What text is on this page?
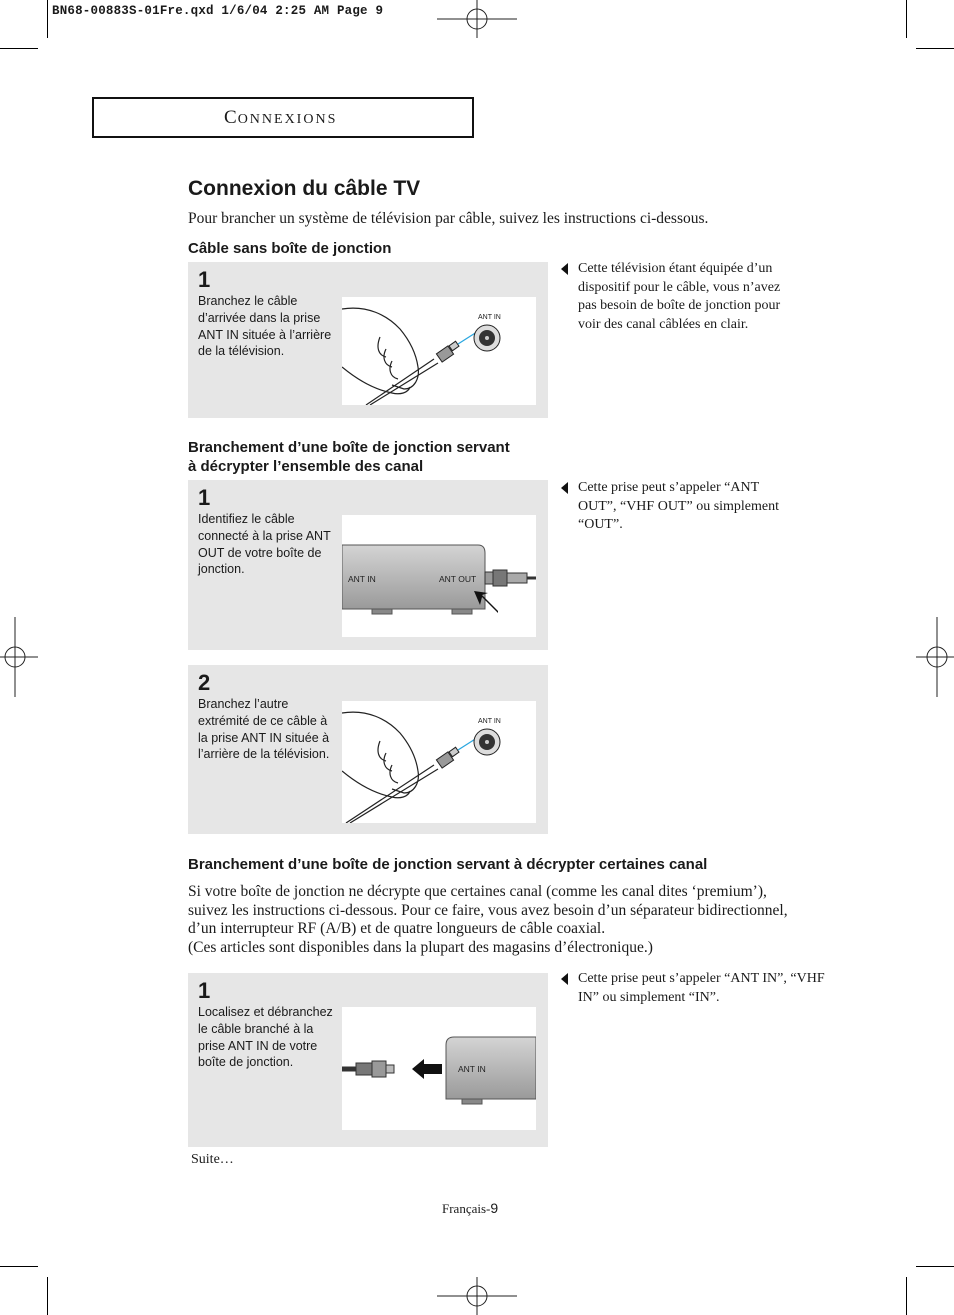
BN68-00883S-01Fre.qxd 1/6/04 2:25 AM Page 9
CONNEXIONS
Connexion du câble TV
Pour brancher un système de télévision par câble, suivez les instructions ci-dessous.
Câble sans boîte de jonction
1
Branchez le câble d’arrivée dans la prise ANT IN située à l’arrière de la télévision.
ANT IN
Cette télévision étant équipée d’un dispositif pour le câble, vous n’avez pas besoin de boîte de jonction pour voir des canal câblées en clair.
Branchement d’une boîte de jonction servant
à décrypter l’ensemble des canal
1
Identifiez le câble connecté à la prise ANT OUT de votre boîte de jonction.
ANT IN	ANT OUT
Cette prise peut s’appeler “ANT OUT”, “VHF OUT” ou simplement “OUT”.
2
Branchez l’autre extrémité de ce câble à la prise ANT IN située à l’arrière de la télévision.
ANT IN
Branchement d’une boîte de jonction servant à décrypter certaines canal
Si votre boîte de jonction ne décrypte que certaines canal (comme les canal dites ‘premium’),
suivez les instructions ci-dessous. Pour ce faire, vous avez besoin d’un séparateur bidirectionnel,
d’un interrupteur RF (A/B) et de quatre longueurs de câble coaxial.
(Ces articles sont disponibles dans la plupart des magasins d’électronique.)
1
Localisez et débranchez le câble branché à la prise ANT IN de votre boîte de jonction.	ANT IN
Cette prise peut s’appeler “ANT IN”, “VHF IN” ou simplement “IN”.
Suite…
Français-9
